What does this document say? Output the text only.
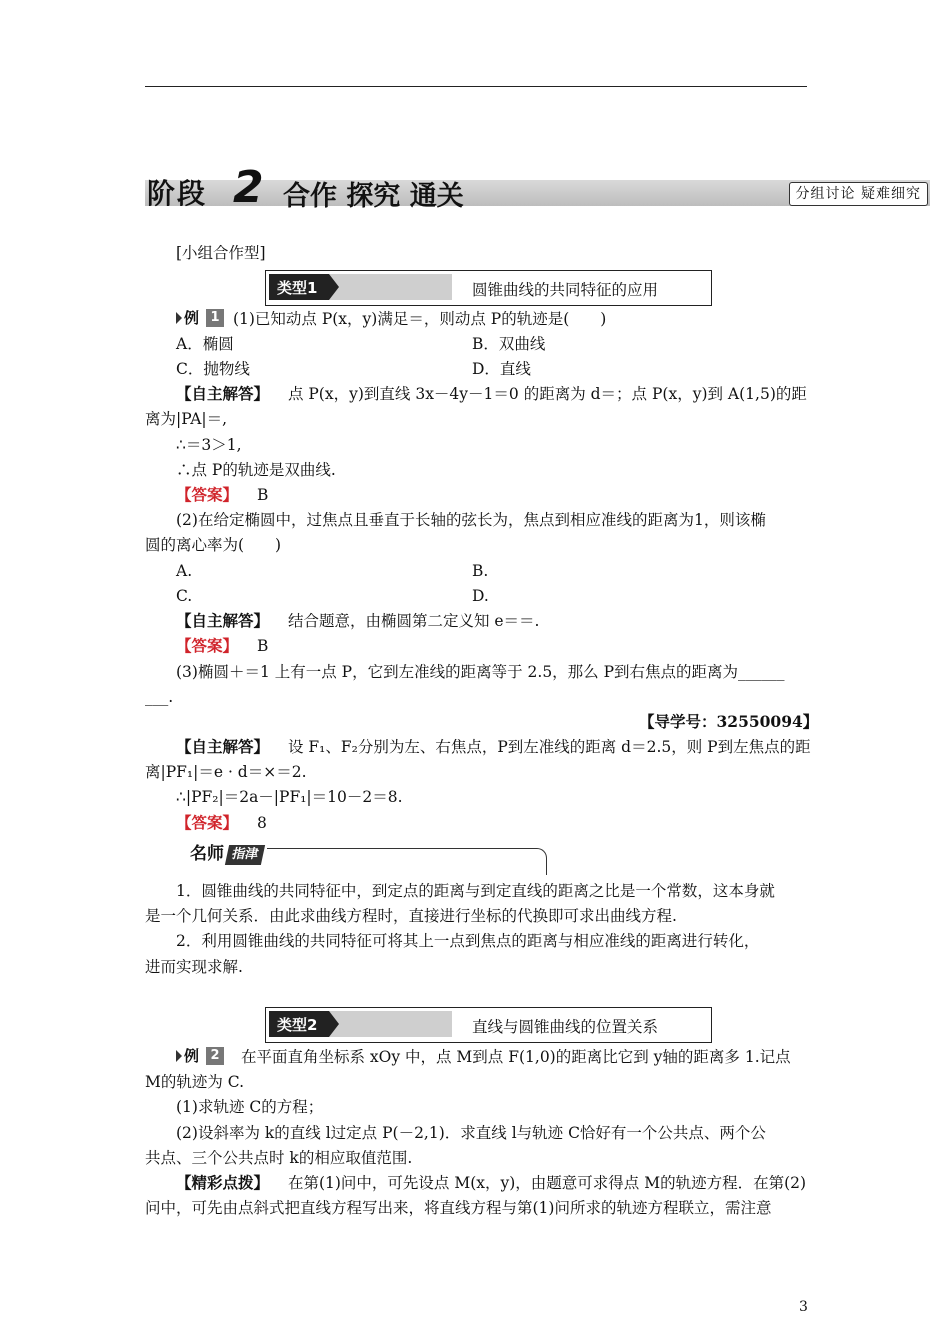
阶段 2 合作 探究 通关	分组讨论 疑难细究
[小组合作型]
类型1	圆锥曲线的共同特征的应用
例 1 (1)已知动点 P(x，y)满足＝，则动点 P的轨迹是(　　)
A．椭圆	B．双曲线
C．抛物线	D．直线
【自主解答】 点 P(x，y)到直线 3x－4y－1＝0 的距离为 d＝；点 P(x，y)到 A(1,5)的距
离为|PA|＝,
∴＝3＞1,
∴点 P的轨迹是双曲线.
【答案】 B
(2)在给定椭圆中，过焦点且垂直于长轴的弦长为，焦点到相应准线的距离为1，则该椭
圆的离心率为(　　)
A.	B.
C.	D.
【自主解答】 结合题意，由椭圆第二定义知 e＝＝.
【答案】 B
(3)椭圆＋＝1 上有一点 P，它到左准线的距离等于 2.5，那么 P到右焦点的距离为______
___.
【导学号：32550094】
【自主解答】 设 F₁、F₂分别为左、右焦点，P到左准线的距离 d＝2.5，则 P到左焦点的距
离|PF₁|＝e · d＝×＝2.
∴|PF₂|＝2a－|PF₁|＝10－2＝8.
【答案】 8
名师 指津
1．圆锥曲线的共同特征中，到定点的距离与到定直线的距离之比是一个常数，这本身就
是一个几何关系．由此求曲线方程时，直接进行坐标的代换即可求出曲线方程.
2．利用圆锥曲线的共同特征可将其上一点到焦点的距离与相应准线的距离进行转化，
进而实现求解.
类型2	直线与圆锥曲线的位置关系
例 2 在平面直角坐标系 xOy 中，点 M到点 F(1,0)的距离比它到 y轴的距离多 1.记点
M的轨迹为 C.
(1)求轨迹 C的方程；
(2)设斜率为 k的直线 l过定点 P(－2,1)．求直线 l与轨迹 C恰好有一个公共点、两个公
共点、三个公共点时 k的相应取值范围.
【精彩点拨】 在第(1)问中，可先设点 M(x，y)，由题意可求得点 M的轨迹方程．在第(2)
问中，可先由点斜式把直线方程写出来，将直线方程与第(1)问所求的轨迹方程联立，需注意
3
